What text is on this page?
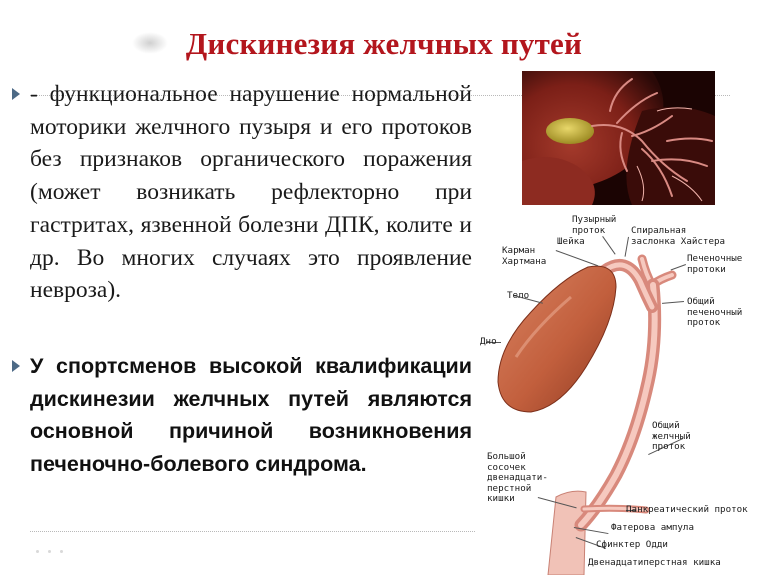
Дискинезия желчных путей
- функциональное нарушение нормальной моторики желчного пузыря и его протоков без признаков органического поражения (может возникать рефлекторно при гастритах, язвенной болезни ДПК, колите и др. Во многих случаях это проявление невроза).
У спортсменов высокой квалификации дискинезии желчных путей являются основной причиной возникновения печеночно-болевого синдрома.
Пузырный
проток	Спиральная
заслонка Хайстера
Шейка
Карман
Хартмана	Печеночные
протоки
Тело
Общий
печеночный
проток
Дно
Общий
желчный
проток
Большой
сосочек
двенадцати-
перстной
кишки
Панкреатический проток
Фатерова ампула
Сфинктер Одди
Двенадцатиперстная кишка
